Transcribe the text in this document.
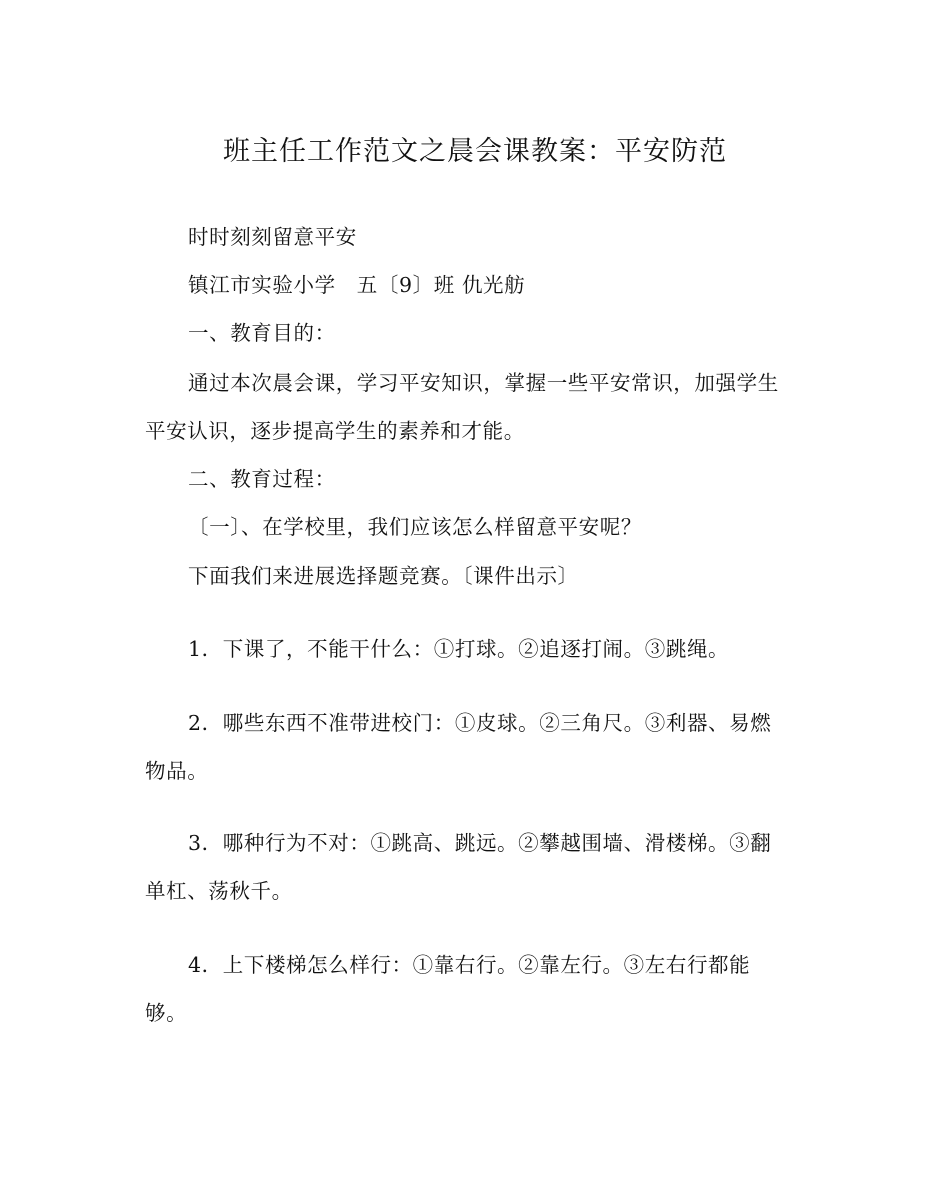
班主任工作范文之晨会课教案：平安防范
时时刻刻留意平安
镇江市实验小学　五〔9〕班 仇光舫
一、教育目的：
通过本次晨会课，学习平安知识，掌握一些平安常识，加强学生
平安认识，逐步提高学生的素养和才能。
二、教育过程：
〔一〕、在学校里，我们应该怎么样留意平安呢？
下面我们来进展选择题竞赛。〔课件出示〕
1．下课了，不能干什么：①打球。②追逐打闹。③跳绳。
2．哪些东西不准带进校门：①皮球。②三角尺。③利器、易燃
物品。
3．哪种行为不对：①跳高、跳远。②攀越围墙、滑楼梯。③翻
单杠、荡秋千。
4．上下楼梯怎么样行：①靠右行。②靠左行。③左右行都能
够。
